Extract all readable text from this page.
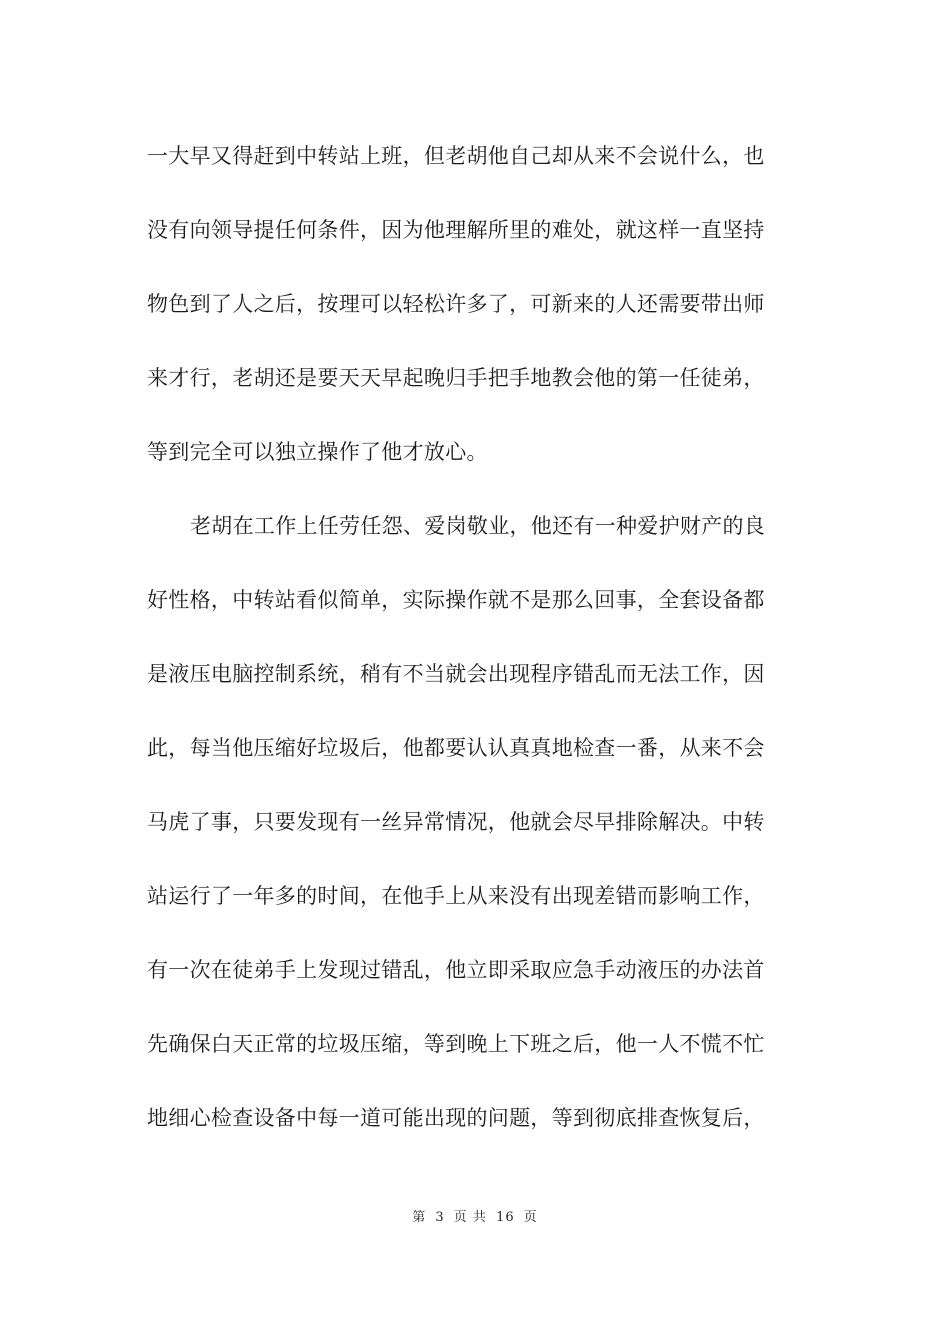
一大早又得赶到中转站上班，但老胡他自己却从来不会说什么，也
没有向领导提任何条件，因为他理解所里的难处，就这样一直坚持
物色到了人之后，按理可以轻松许多了，可新来的人还需要带出师
来才行，老胡还是要天天早起晚归手把手地教会他的第一任徒弟，
等到完全可以独立操作了他才放心。
老胡在工作上任劳任怨、爱岗敬业，他还有一种爱护财产的良
好性格，中转站看似简单，实际操作就不是那么回事，全套设备都
是液压电脑控制系统，稍有不当就会出现程序错乱而无法工作，因
此，每当他压缩好垃圾后，他都要认认真真地检查一番，从来不会
马虎了事，只要发现有一丝异常情况，他就会尽早排除解决。中转
站运行了一年多的时间，在他手上从来没有出现差错而影响工作，
有一次在徒弟手上发现过错乱，他立即采取应急手动液压的办法首
先确保白天正常的垃圾压缩，等到晚上下班之后，他一人不慌不忙
地细心检查设备中每一道可能出现的问题，等到彻底排查恢复后，
第 3 页 共 16 页
